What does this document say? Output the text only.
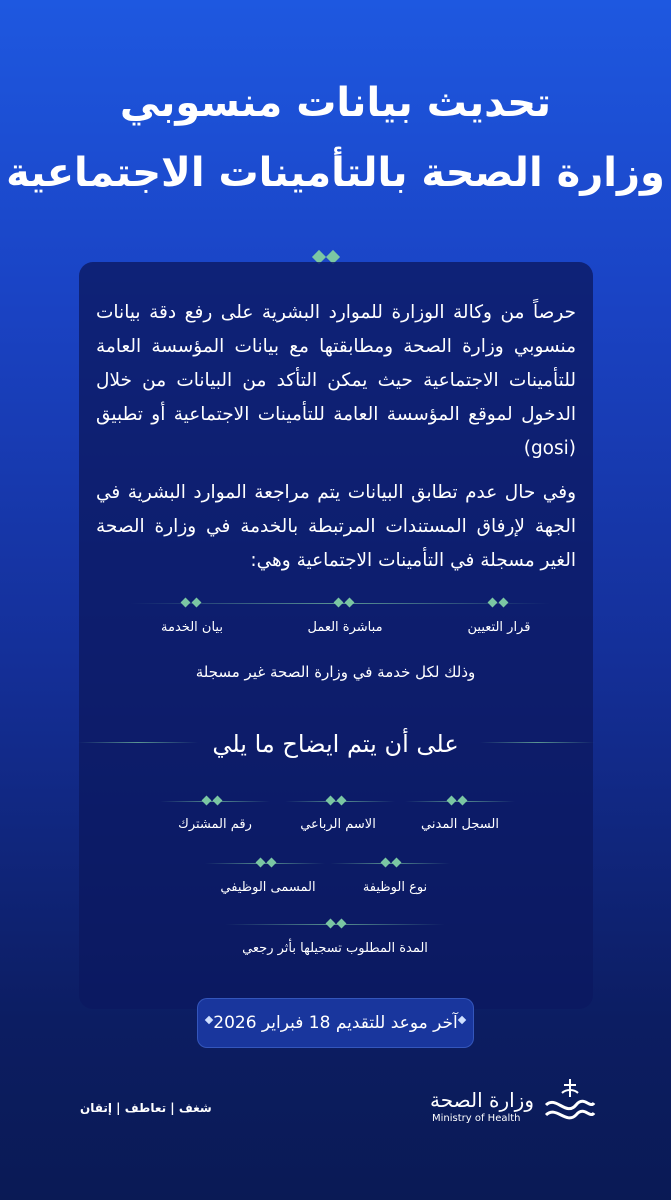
تحديث بيانات منسوبي
وزارة الصحة بالتأمينات الاجتماعية
حرصاً من وكالة الوزارة للموارد البشرية على رفع دقة بيانات منسوبي وزارة الصحة ومطابقتها مع بيانات المؤسسة العامة للتأمينات الاجتماعية حيث يمكن التأكد من البيانات من خلال الدخول لموقع المؤسسة العامة للتأمينات الاجتماعية أو تطبيق (gosi)
وفي حال عدم تطابق البيانات يتم مراجعة الموارد البشرية في الجهة لإرفاق المستندات المرتبطة بالخدمة في وزارة الصحة الغير مسجلة في التأمينات الاجتماعية وهي:
قرار التعيين
مباشرة العمل
بيان الخدمة
وذلك لكل خدمة في وزارة الصحة غير مسجلة
على أن يتم ايضاح ما يلي
السجل المدني
الاسم الرباعي
رقم المشترك
نوع الوظيفة
المسمى الوظيفي
المدة المطلوب تسجيلها بأثر رجعي
آخر موعد للتقديم 18 فبراير 2026
شغف | تعاطف | إتقان	وزارة الصحة
Ministry of Health
